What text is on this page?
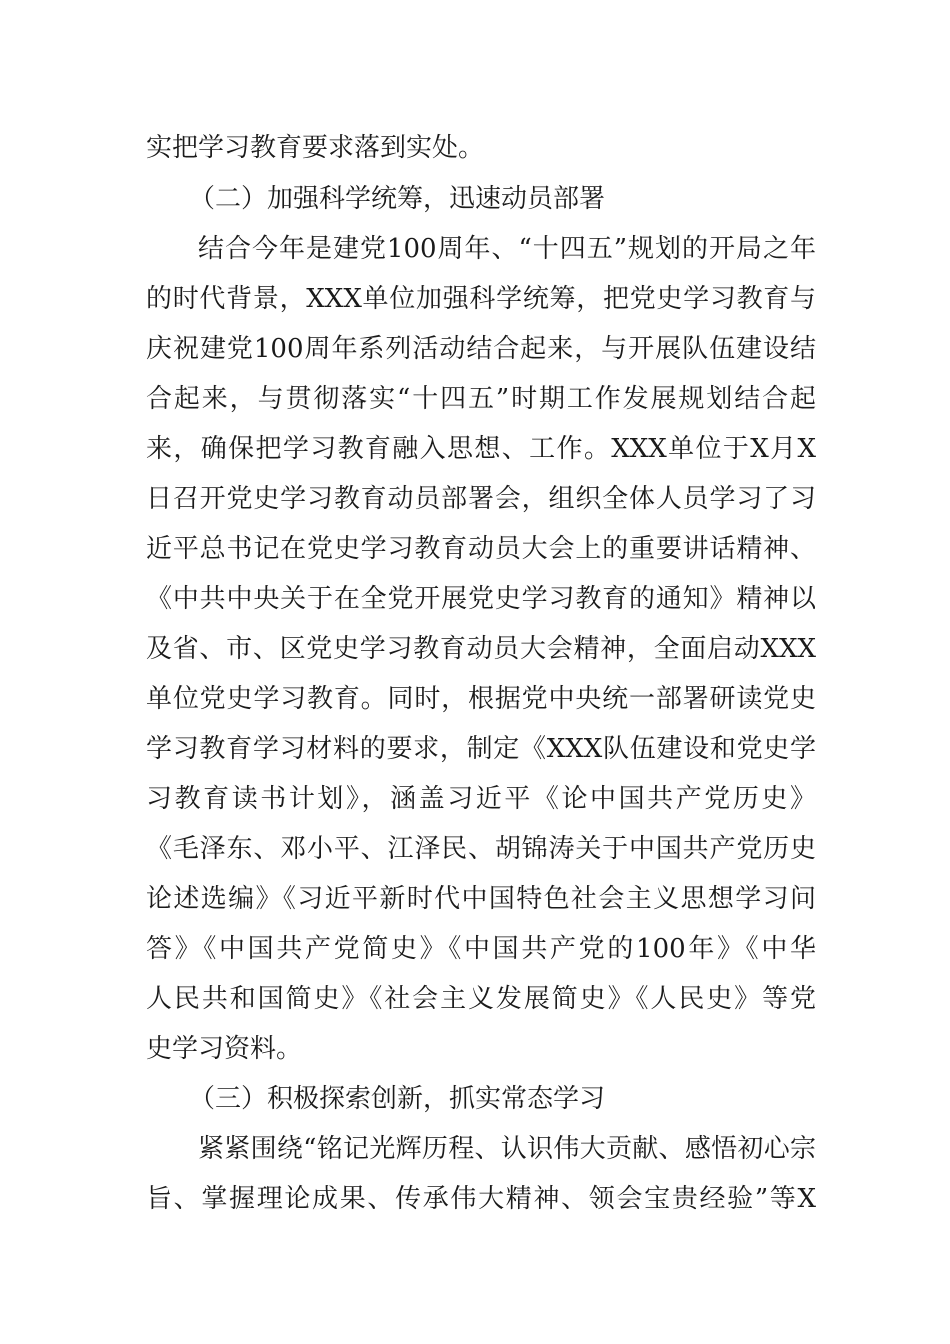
实把学习教育要求落到实处。
（二）加强科学统筹，迅速动员部署
结合今年是建党100周年、“十四五”规划的开局之年
的时代背景，XXX单位加强科学统筹，把党史学习教育与
庆祝建党100周年系列活动结合起来，与开展队伍建设结
合起来，与贯彻落实“十四五”时期工作发展规划结合起
来，确保把学习教育融入思想、工作。XXX单位于X月X
日召开党史学习教育动员部署会，组织全体人员学习了习
近平总书记在党史学习教育动员大会上的重要讲话精神、
《中共中央关于在全党开展党史学习教育的通知》精神以
及省、市、区党史学习教育动员大会精神，全面启动XXX
单位党史学习教育。同时，根据党中央统一部署研读党史
学习教育学习材料的要求，制定《XXX队伍建设和党史学
习教育读书计划》，涵盖习近平《论中国共产党历史》
《毛泽东、邓小平、江泽民、胡锦涛关于中国共产党历史
论述选编》《习近平新时代中国特色社会主义思想学习问
答》《中国共产党简史》《中国共产党的100年》《中华
人民共和国简史》《社会主义发展简史》《人民史》等党
史学习资料。
（三）积极探索创新，抓实常态学习
紧紧围绕“铭记光辉历程、认识伟大贡献、感悟初心宗
旨、掌握理论成果、传承伟大精神、领会宝贵经验”等X
